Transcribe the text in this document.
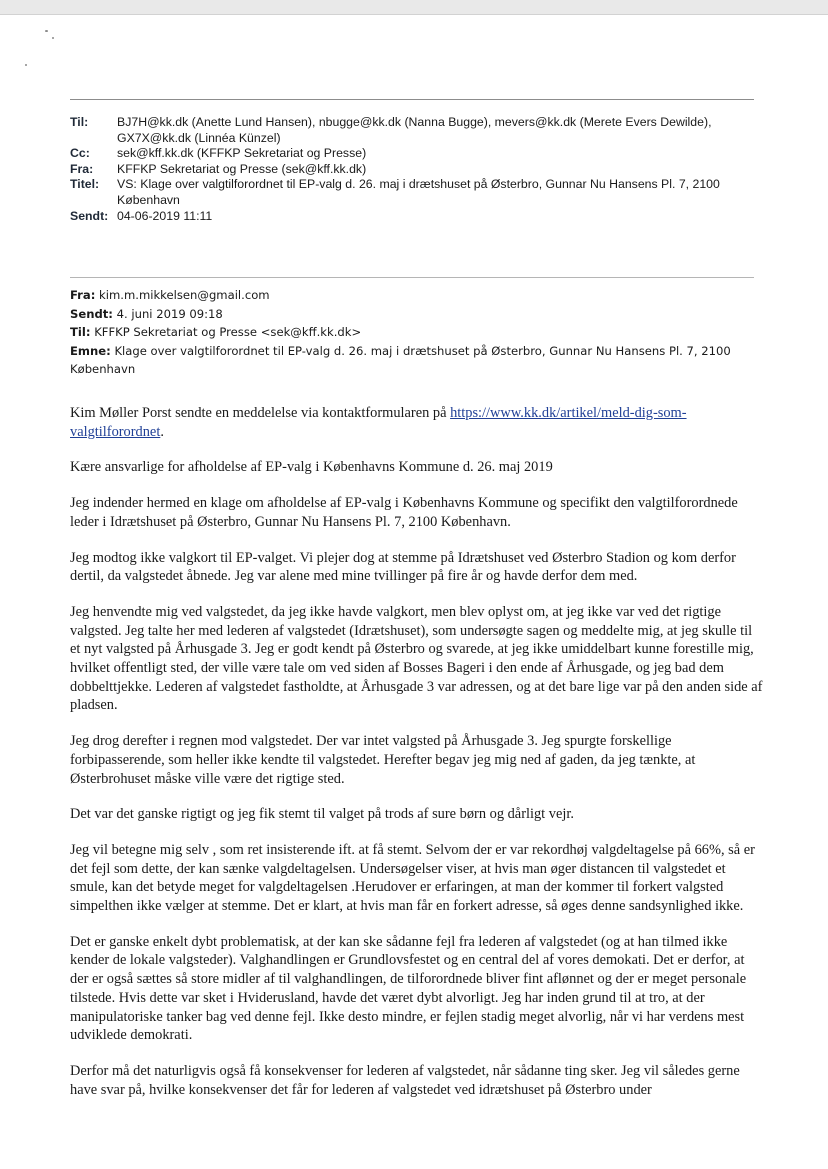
Til:	BJ7H@kk.dk (Anette Lund Hansen), nbugge@kk.dk (Nanna Bugge), mevers@kk.dk (Merete Evers Dewilde), GX7X@kk.dk (Linnéa Künzel)
Cc:	sek@kff.kk.dk (KFFKP Sekretariat og Presse)
Fra:	KFFKP Sekretariat og Presse (sek@kff.kk.dk)
Titel:	VS: Klage over valgtilforordnet til EP-valg d. 26. maj i drætshuset på Østerbro, Gunnar Nu Hansens Pl. 7, 2100 København
Sendt: 04-06-2019 11:11
Fra: kim.m.mikkelsen@gmail.com
Sendt: 4. juni 2019 09:18
Til: KFFKP Sekretariat og Presse <sek@kff.kk.dk>
Emne: Klage over valgtilforordnet til EP-valg d. 26. maj i drætshuset på Østerbro, Gunnar Nu Hansens Pl. 7, 2100 København

Kim Møller Porst sendte en meddelelse via kontaktformularen på https://www.kk.dk/artikel/meld-dig-som-valgtilforordnet.

Kære ansvarlige for afholdelse af EP-valg i Københavns Kommune d. 26. maj 2019

Jeg indender hermed en klage om afholdelse af EP-valg i Københavns Kommune og specifikt den valgtilforordnede leder i Idrætshuset på Østerbro, Gunnar Nu Hansens Pl. 7, 2100 København.

Jeg modtog ikke valgkort til EP-valget. Vi plejer dog at stemme på Idrætshuset ved Østerbro Stadion og kom derfor dertil, da valgstedet åbnede. Jeg var alene med mine tvillinger på fire år og havde derfor dem med.

Jeg henvendte mig ved valgstedet, da jeg ikke havde valgkort, men blev oplyst om, at jeg ikke var ved det rigtige valgsted. Jeg talte her med lederen af valgstedet (Idrætshuset), som undersøgte sagen og meddelte mig, at jeg skulle til et nyt valgsted på Århusgade 3. Jeg er godt kendt på Østerbro og svarede, at jeg ikke umiddelbart kunne forestille mig, hvilket offentligt sted, der ville være tale om ved siden af Bosses Bageri i den ende af Århusgade, og jeg bad dem dobbelttjekke. Lederen af valgstedet fastholdte, at Århusgade 3 var adressen, og at det bare lige var på den anden side af pladsen.

Jeg drog derefter i regnen mod valgstedet. Der var intet valgsted på Århusgade 3. Jeg spurgte forskellige forbipasserende, som heller ikke kendte til valgstedet. Herefter begav jeg mig ned af gaden, da jeg tænkte, at Østerbrohuset måske ville være det rigtige sted.

Det var det ganske rigtigt og jeg fik stemt til valget på trods af sure børn og dårligt vejr.

Jeg vil betegne mig selv , som ret insisterende ift. at få stemt. Selvom der er var rekordhøj valgdeltagelse på 66%, så er det fejl som dette, der kan sænke valgdeltagelsen. Undersøgelser viser, at hvis man øger distancen til valgstedet et smule, kan det betyde meget for valgdeltagelsen .Herudover er erfaringen, at man der kommer til forkert valgsted simpelthen ikke vælger at stemme. Det er klart, at hvis man får en forkert adresse, så øges denne sandsynlighed ikke.

Det er ganske enkelt dybt problematisk, at der kan ske sådanne fejl fra lederen af valgstedet (og at han tilmed ikke kender de lokale valgsteder). Valghandlingen er Grundlovsfestet og en central del af vores demokati. Det er derfor, at der er også sættes så store midler af til valghandlingen, de tilforordnede bliver fint aflønnet og der er meget personale tilstede. Hvis dette var sket i Hviderusland, havde det været dybt alvorligt. Jeg har inden grund til at tro, at der manipulatoriske tanker bag ved denne fejl. Ikke desto mindre, er fejlen stadig meget alvorlig, når vi har verdens mest udviklede demokrati.

Derfor må det naturligvis også få konsekvenser for lederen af valgstedet, når sådanne ting sker. Jeg vil således gerne have svar på, hvilke konsekvenser det får for lederen af valgstedet ved idrætshuset på Østerbro under
